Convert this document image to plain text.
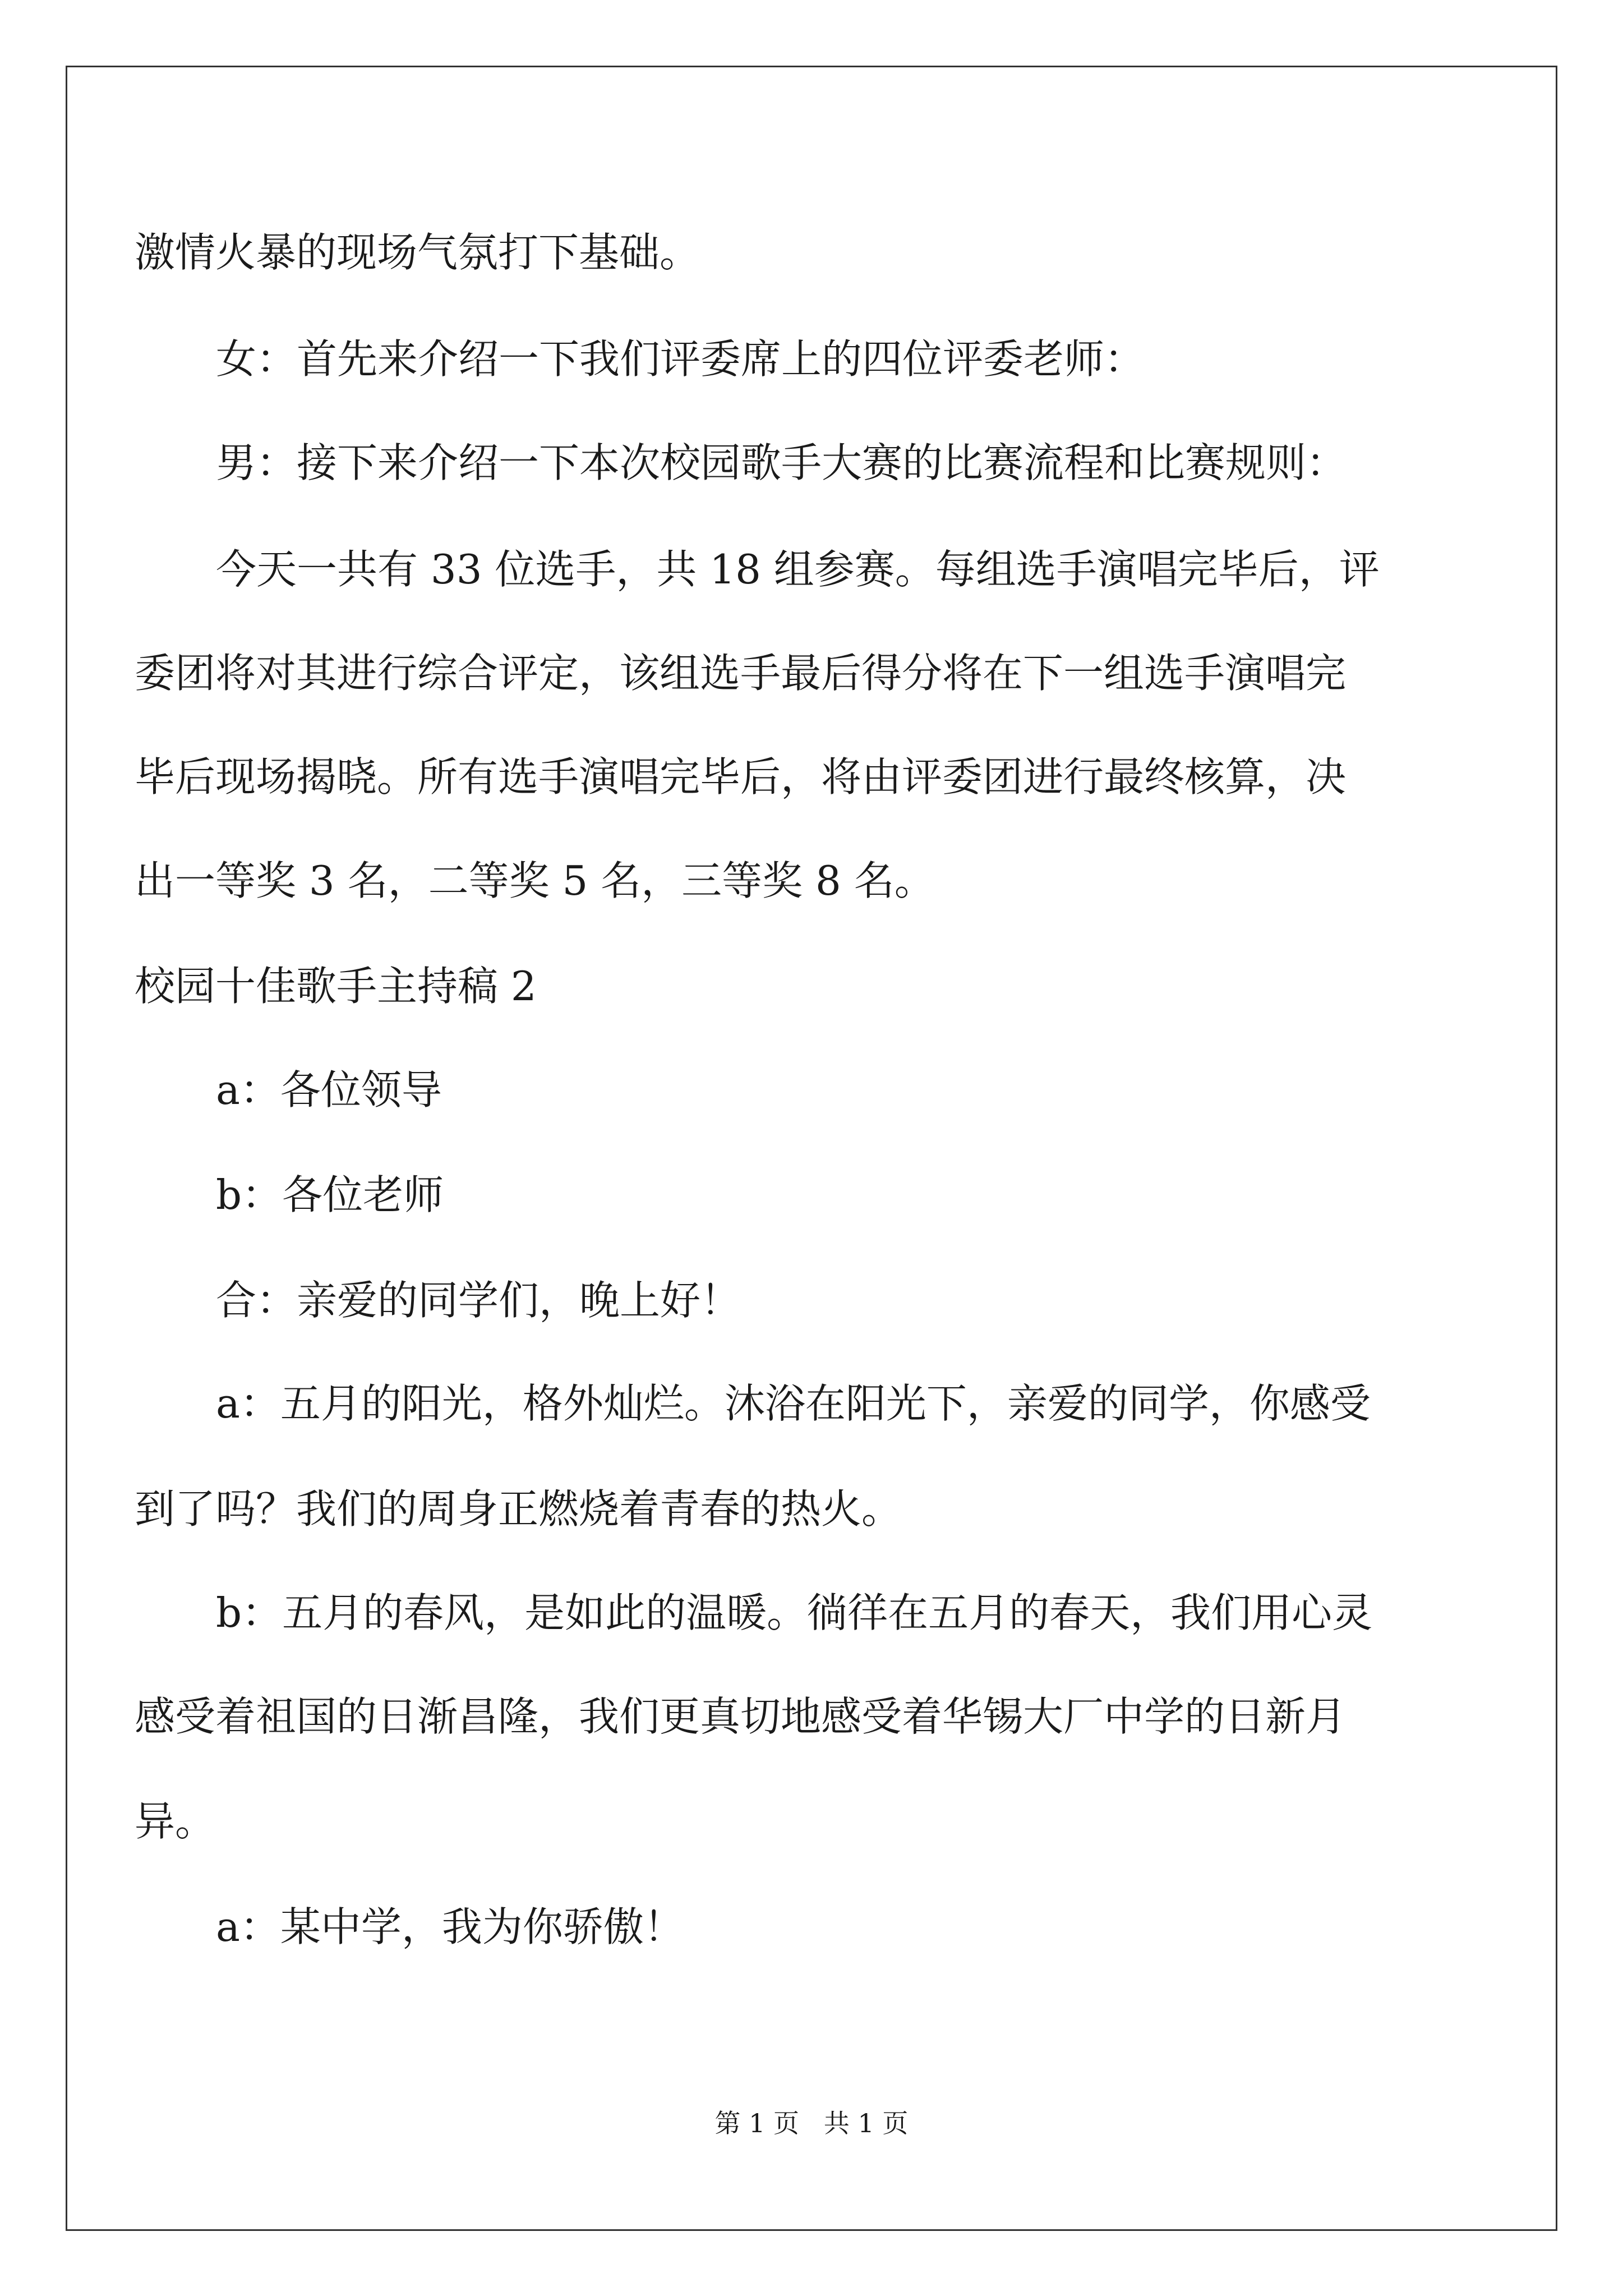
激情火暴的现场气氛打下基础。
女：首先来介绍一下我们评委席上的四位评委老师：
男：接下来介绍一下本次校园歌手大赛的比赛流程和比赛规则：
今天一共有 33 位选手，共 18 组参赛。每组选手演唱完毕后，评
委团将对其进行综合评定，该组选手最后得分将在下一组选手演唱完
毕后现场揭晓。所有选手演唱完毕后，将由评委团进行最终核算，决
出一等奖 3 名，二等奖 5 名，三等奖 8 名。
校园十佳歌手主持稿 2
a：各位领导
b：各位老师
合：亲爱的同学们，晚上好！
a：五月的阳光，格外灿烂。沐浴在阳光下，亲爱的同学，你感受
到了吗？我们的周身正燃烧着青春的热火。
b：五月的春风，是如此的温暖。徜徉在五月的春天，我们用心灵
感受着祖国的日渐昌隆，我们更真切地感受着华锡大厂中学的日新月
异。
a：某中学，我为你骄傲！
第 1 页   共 1 页
